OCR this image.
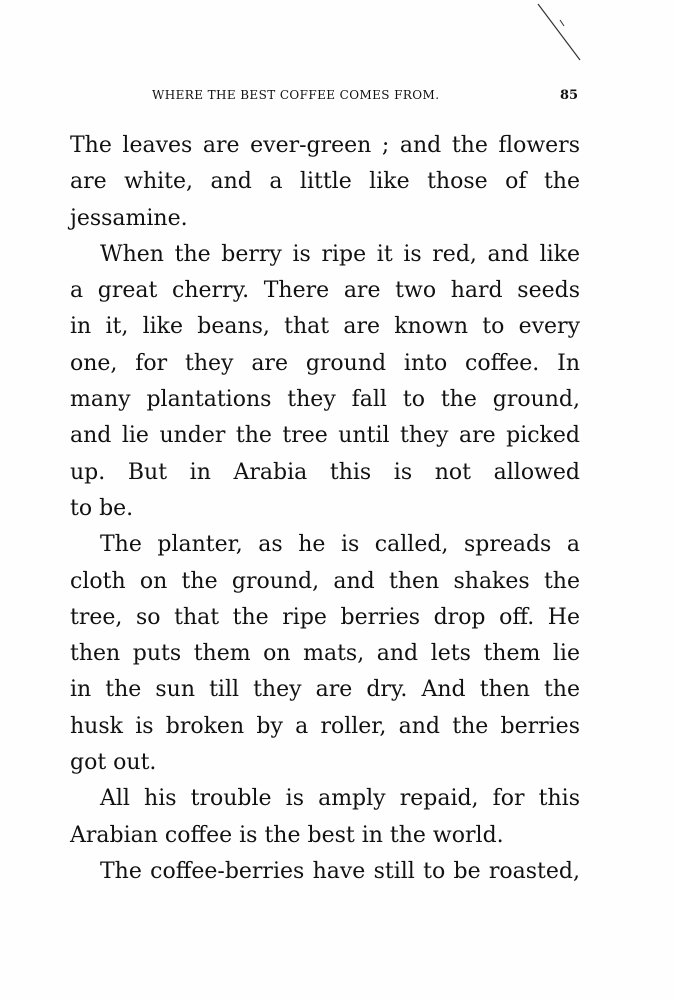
WHERE THE BEST COFFEE COMES FROM.	85
The leaves are ever-green ; and the flowers
are white, and a little like those of the
jessamine.
When the berry is ripe it is red, and like
a great cherry. There are two hard seeds
in it, like beans, that are known to every
one, for they are ground into coffee. In
many plantations they fall to the ground,
and lie under the tree until they are picked
up. But in Arabia this is not allowed
to be.
The planter, as he is called, spreads a
cloth on the ground, and then shakes the
tree, so that the ripe berries drop off. He
then puts them on mats, and lets them lie
in the sun till they are dry. And then the
husk is broken by a roller, and the berries
got out.
All his trouble is amply repaid, for this
Arabian coffee is the best in the world.
The coffee-berries have still to be roasted,
